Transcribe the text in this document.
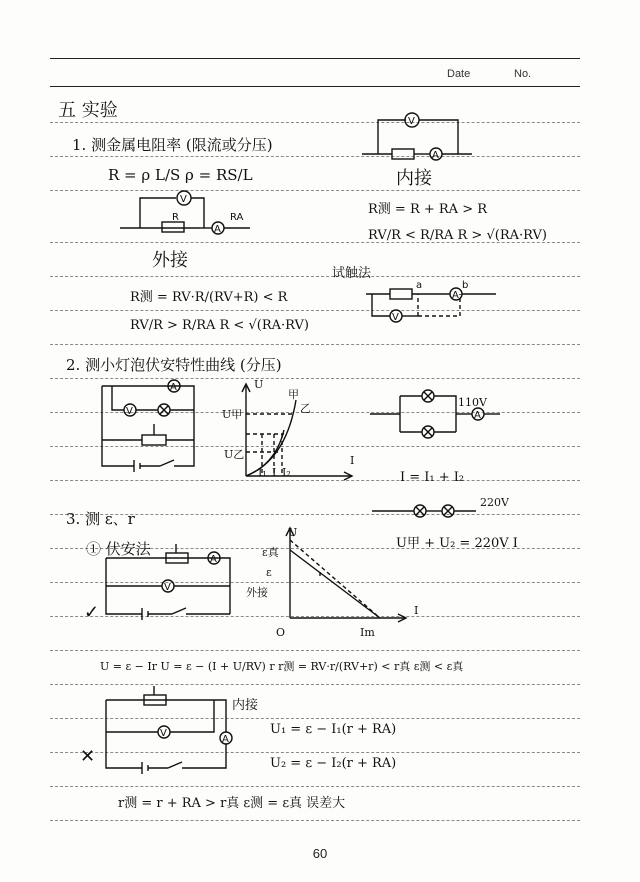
Date	No.
五 实验
1. 测金属电阻率 (限流或分压)
R = ρ L/S ρ = RS/L
V
A
R	RA
外接
R测 = RV·R/(RV+R) < R
RV/R > R/RA R < √(RA·RV)
V
A
内接
R测 = R + RA > R
RV/R < R/RA R > √(RA·RV)
试触法
A
V
a	b
2. 测小灯泡伏安特性曲线 (分压)
A
V
U
甲
乙
U甲
U乙	I
I₁ I I₂
A
110V
I = I₁ + I₂
220V
U甲 + U₂ = 220V I
3. 测 ε、r
① 伏安法
✓
A
V
U
ε真
ε
外接
O	Im
I
U = ε − Ir U = ε − (I + U/RV) r r测 = RV·r/(RV+r) < r真 ε测 < ε真
A
V
内接
✕
U₁ = ε − I₁(r + RA)
U₂ = ε − I₂(r + RA)
r测 = r + RA > r真 ε测 = ε真 误差大
60
